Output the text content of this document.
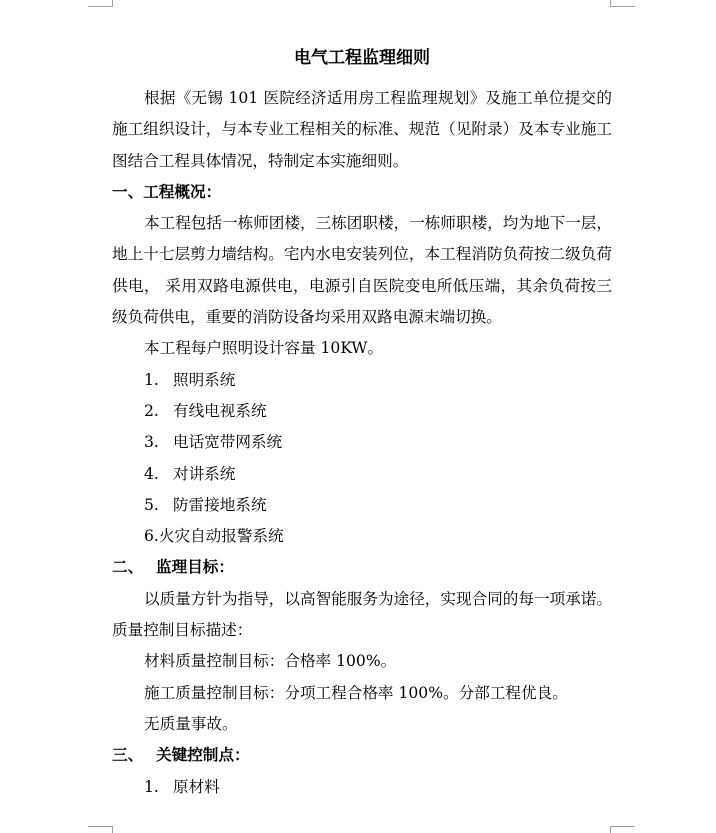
电气工程监理细则

根据《无锡 101 医院经济适用房工程监理规划》及施工单位提交的施工组织设计，与本专业工程相关的标准、规范（见附录）及本专业施工图结合工程具体情况，特制定本实施细则。

一、工程概况：

本工程包括一栋师团楼，三栋团职楼，一栋师职楼，均为地下一层，地上十七层剪力墙结构。宅内水电安装列位，本工程消防负荷按二级负荷供电， 采用双路电源供电，电源引自医院变电所低压端，其余负荷按三级负荷供电，重要的消防设备均采用双路电源末端切换。

本工程每户照明设计容量 10KW。

1. 照明系统

2. 有线电视系统

3. 电话宽带网系统

4. 对讲系统

5. 防雷接地系统

6.火灾自动报警系统

二、 监理目标：

以质量方针为指导，以高智能服务为途径，实现合同的每一项承诺。质量控制目标描述：

材料质量控制目标：合格率 100%。

施工质量控制目标：分项工程合格率 100%。分部工程优良。

无质量事故。

三、 关键控制点：

1. 原材料
